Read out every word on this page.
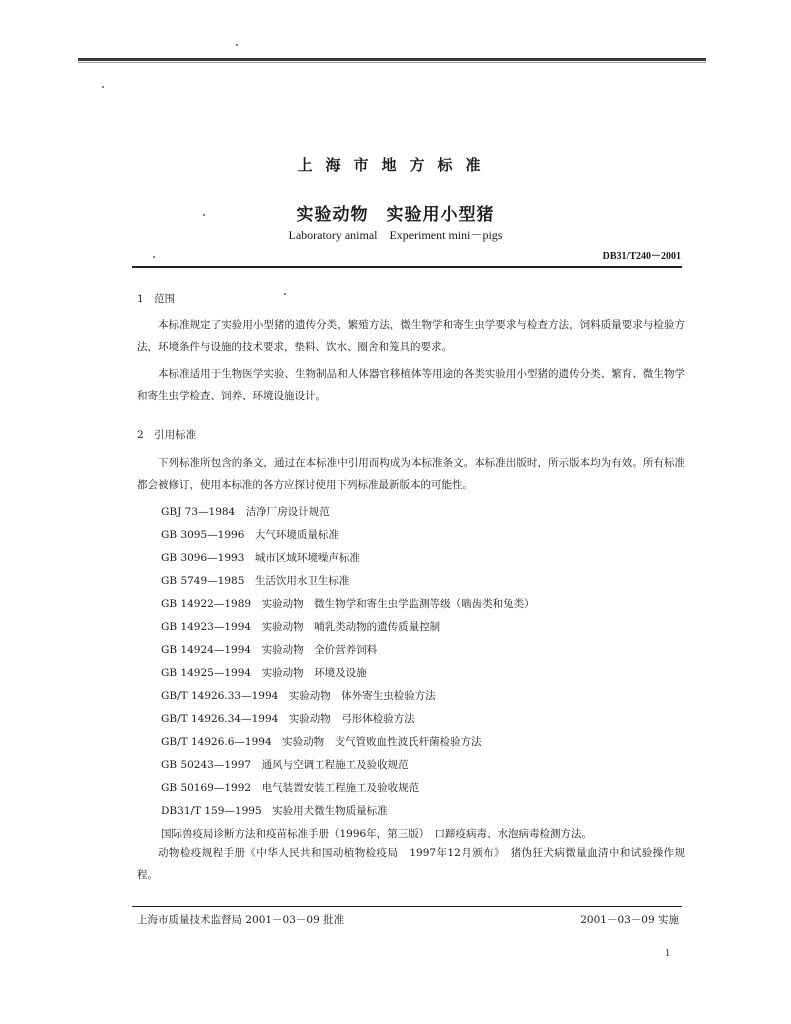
上海市地方标准
实验动物　实验用小型猪
Laboratory animal　Experiment mini－pigs
DB31/T240－2001
1　范围
本标准规定了实验用小型猪的遗传分类，繁殖方法，微生物学和寄生虫学要求与检查方法，饲料质量要求与检验方法，环境条件与设施的技术要求，垫料、饮水、圈舍和笼具的要求。
本标准适用于生物医学实验、生物制品和人体器官移植体等用途的各类实验用小型猪的遗传分类、繁育、微生物学和寄生虫学检查、饲养、环境设施设计。
2　引用标准
下列标准所包含的条文，通过在本标准中引用而构成为本标准条文。本标准出版时，所示版本均为有效。所有标准都会被修订，使用本标准的各方应探讨使用下列标准最新版本的可能性。
GBJ 73—1984　洁净厂房设计规范
GB 3095—1996　大气环境质量标准
GB 3096—1993　城市区域环境噪声标准
GB 5749—1985　生活饮用水卫生标准
GB 14922—1989　实验动物　微生物学和寄生虫学监测等级（啮齿类和兔类）
GB 14923—1994　实验动物　哺乳类动物的遗传质量控制
GB 14924—1994　实验动物　全价营养饲料
GB 14925—1994　实验动物　环境及设施
GB/T 14926.33—1994　实验动物　体外寄生虫检验方法
GB/T 14926.34—1994　实验动物　弓形体检验方法
GB/T 14926.6—1994　实验动物　支气管败血性波氏杆菌检验方法
GB 50243—1997　通风与空调工程施工及验收规范
GB 50169—1992　电气装置安装工程施工及验收规范
DB31/T 159—1995　实验用犬微生物质量标准
国际兽疫局诊断方法和疫苗标准手册（1996年，第三版）　口蹄疫病毒、水泡病毒检测方法。
动物检疫规程手册《中华人民共和国动植物检疫局　1997年12月颁布》　猪伪狂犬病微量血清中和试验操作规程。
上海市质量技术监督局 2001－03－09 批准	2001－03－09 实施
1
